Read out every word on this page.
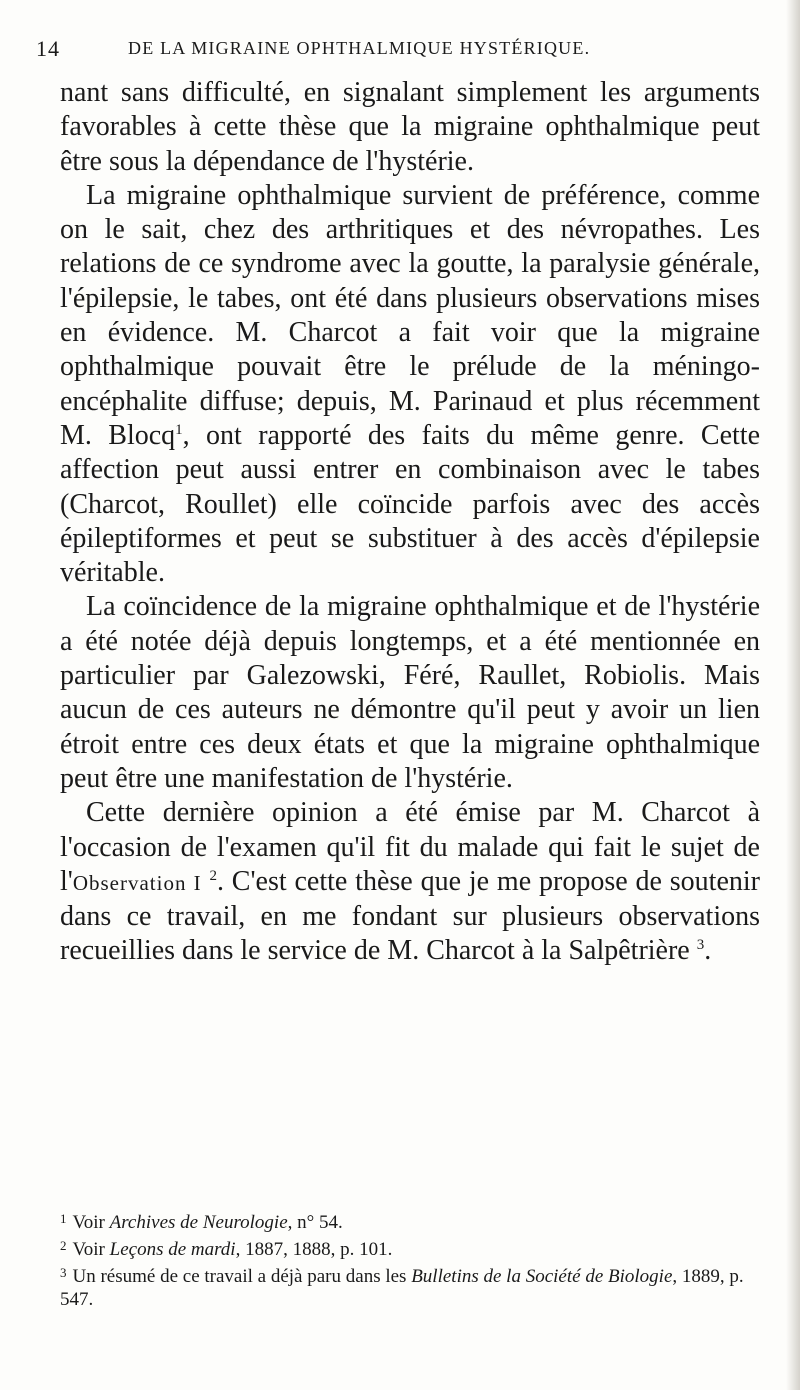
14	DE LA MIGRAINE OPHTHALMIQUE HYSTÉRIQUE.

nant sans difficulté, en signalant simplement les arguments favorables à cette thèse que la migraine ophthalmique peut être sous la dépendance de l'hystérie.

La migraine ophthalmique survient de préférence, comme on le sait, chez des arthritiques et des névropathes. Les relations de ce syndrome avec la goutte, la paralysie générale, l'épilepsie, le tabes, ont été dans plusieurs observations mises en évidence. M. Charcot a fait voir que la migraine ophthalmique pouvait être le prélude de la méningo-encéphalite diffuse; depuis, M. Parinaud et plus récemment M. Blocq$^1$, ont rapporté des faits du même genre. Cette affection peut aussi entrer en combinaison avec le tabes (Charcot, Roullet) elle coïncide parfois avec des accès épileptiformes et peut se substituer à des accès d'épilepsie véritable.

La coïncidence de la migraine ophthalmique et de l'hystérie a été notée déjà depuis longtemps, et a été mentionnée en particulier par Galezowski, Féré, Raullet, Robiolis. Mais aucun de ces auteurs ne démontre qu'il peut y avoir un lien étroit entre ces deux états et que la migraine ophthalmique peut être une manifestation de l'hystérie.

Cette dernière opinion a été émise par M. Charcot à l'occasion de l'examen qu'il fit du malade qui fait le sujet de l'Observation I $^2$. C'est cette thèse que je me propose de soutenir dans ce travail, en me fondant sur plusieurs observations recueillies dans le service de M. Charcot à la Salpêtrière $^3$.

$^1$ Voir Archives de Neurologie, n° 54.

$^2$ Voir Leçons de mardi, 1887, 1888, p. 101.

$^3$ Un résumé de ce travail a déjà paru dans les Bulletins de la Société de Biologie, 1889, p. 547.
